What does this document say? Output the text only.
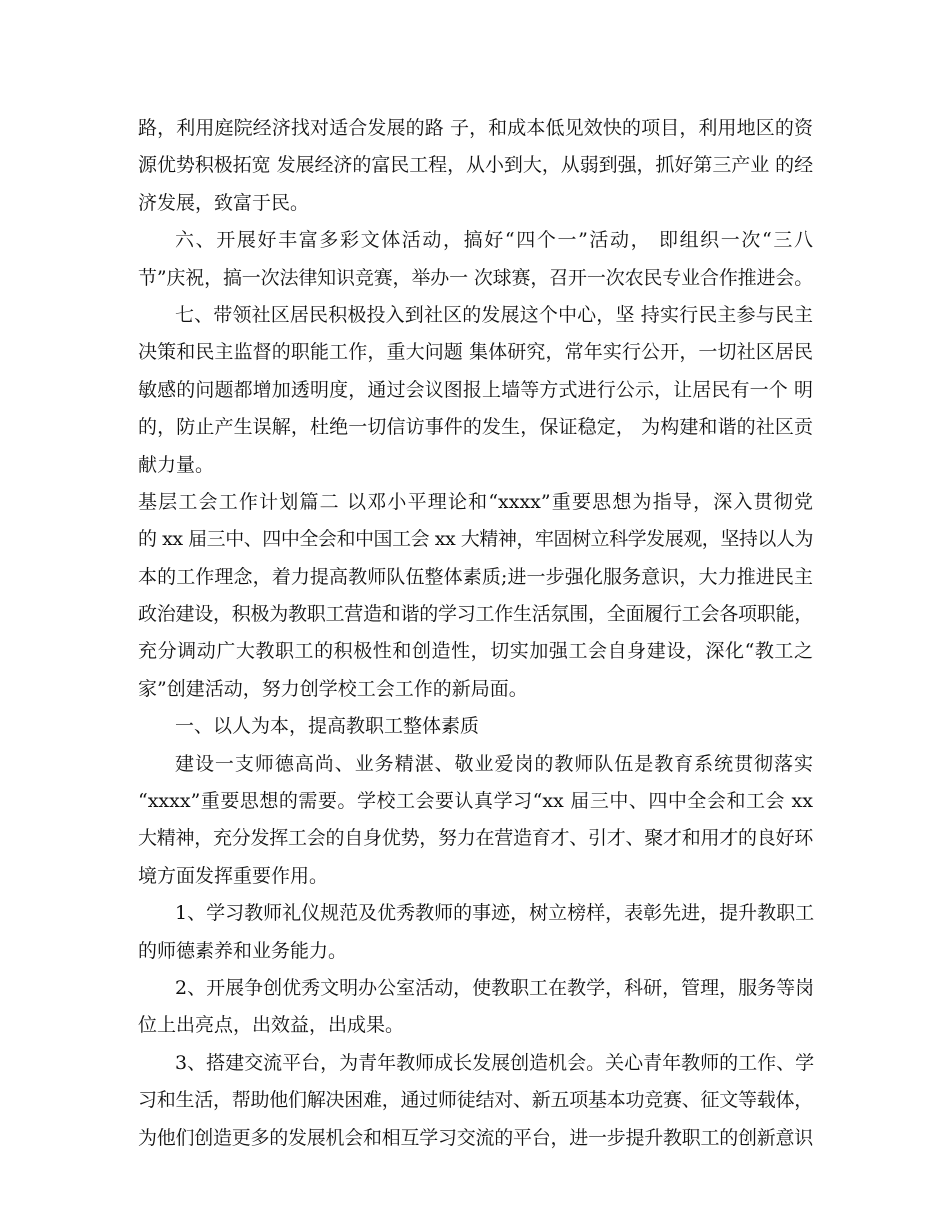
路，利用庭院经济找对适合发展的路 子，和成本低见效快的项目，利用地区的资
源优势积极拓宽 发展经济的富民工程，从小到大，从弱到强，抓好第三产业 的经
济发展，致富于民。
六、开展好丰富多彩文体活动，搞好“四个一”活动， 即组织一次“三八
节”庆祝，搞一次法律知识竞赛，举办一 次球赛，召开一次农民专业合作推进会。
七、带领社区居民积极投入到社区的发展这个中心，坚 持实行民主参与民主
决策和民主监督的职能工作，重大问题 集体研究，常年实行公开，一切社区居民
敏感的问题都增加透明度，通过会议图报上墙等方式进行公示，让居民有一个 明
的，防止产生误解，杜绝一切信访事件的发生，保证稳定， 为构建和谐的社区贡
献力量。
基层工会工作计划篇二 以邓小平理论和“xxxx”重要思想为指导，深入贯彻党
的 xx 届三中、四中全会和中国工会 xx 大精神，牢固树立科学发展观，坚持以人为
本的工作理念，着力提高教师队伍整体素质;进一步强化服务意识，大力推进民主
政治建设，积极为教职工营造和谐的学习工作生活氛围，全面履行工会各项职能，
充分调动广大教职工的积极性和创造性，切实加强工会自身建设，深化“教工之
家”创建活动，努力创学校工会工作的新局面。
一、以人为本，提高教职工整体素质
建设一支师德高尚、业务精湛、敬业爱岗的教师队伍是教育系统贯彻落实
“xxxx”重要思想的需要。学校工会要认真学习“xx 届三中、四中全会和工会 xx
大精神，充分发挥工会的自身优势，努力在营造育才、引才、聚才和用才的良好环
境方面发挥重要作用。
1、学习教师礼仪规范及优秀教师的事迹，树立榜样，表彰先进，提升教职工
的师德素养和业务能力。
2、开展争创优秀文明办公室活动，使教职工在教学，科研，管理，服务等岗
位上出亮点，出效益，出成果。
3、搭建交流平台，为青年教师成长发展创造机会。关心青年教师的工作、学
习和生活，帮助他们解决困难，通过师徒结对、新五项基本功竞赛、征文等载体，
为他们创造更多的发展机会和相互学习交流的平台，进一步提升教职工的创新意识
